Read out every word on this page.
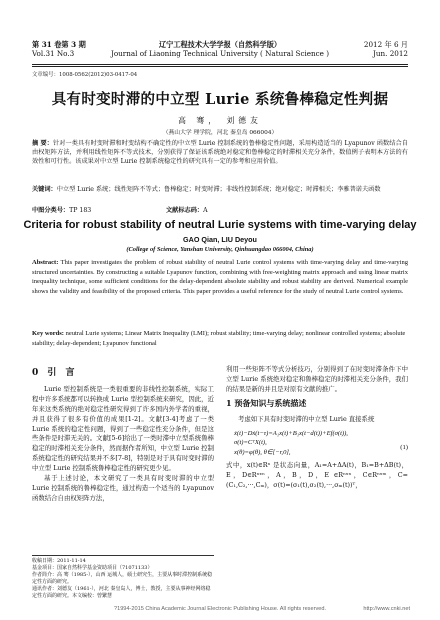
第 31 卷第 3 期
Vol.31 No.3
辽宁工程技术大学学报（自然科学版）
Journal of Liaoning Technical University ( Natural Science )
2012 年 6 月
Jun. 2012
文章编号：1008-0562(2012)03-0417-04
具有时变时滞的中立型 Lurie 系统鲁棒稳定性判据
高 骞， 刘德友
（燕山大学 理学院，河北 秦皇岛 066004）
摘 要：针对一类具有时变时滞和时变结构不确定性的中立型 Lurie 控制系统的鲁棒稳定性问题，采用构造适当的 Lyapunov 函数结合自由权矩阵方法，并利用线性矩阵不等式技术，分别获得了保证该系统绝对稳定和鲁棒稳定的时滞相关充分条件，数值例子表明本方法的有效性和可行性。该成果对中立型 Lurie 控制系统稳定性的研究具有一定的参考和应用价值。
关键词：中立型 Lurie 系统；线性矩阵不等式；鲁棒稳定；时变时滞；非线性控制系统；绝对稳定；时滞相关；李雅普诺夫函数
中图分类号：TP 183	文献标志码：A
Criteria for robust stability of neutral Lurie systems with time-varying delay
GAO Qian, LIU Deyou
(College of Science, Yanshan University, Qinhuangdao 066004, China)
Abstract: This paper investigates the problem of robust stability of neutral Lurie control systems with time-varying delay and time-varying structured uncertainties. By constructing a suitable Lyapunov function, combining with free-weighting matrix approach and using linear matrix inequality technique, some sufficient conditions for the delay-dependent absolute stability and robust stability are derived. Numerical example shows the validity and feasibility of the proposed criteria. This paper provides a useful reference for the study of neutral Lurie control systems.
Key words: neutral Lurie systems; Linear Matrix Inequality (LMI); robust stability; time-varying delay; nonlinear controlled systems; absolute stability; delay-dependent; Lyapunov functional
0 引 言

Lurie 型控制系统是一类很重要的非线性控制系统，实际工程中许多系统都可以转换成 Lurie 型控制系统来研究，因此，近年来这类系统的绝对稳定性研究得到了许多国内外学者的重视，并且获得了很多有价值的成果[1-2]。文献[3-4]考虑了一类 Lurie 系统的稳定性问题，得到了一些稳定性充分条件，但是这些条件是时滞无关的。文献[5-6]给出了一类时滞中立型系统鲁棒稳定的时滞相关充分条件，然而据作者所知，中立型 Lurie 控制系统稳定性的研究结果并不多[7-8]，特别是对于具有时变时滞的中立型 Lurie 控制系统鲁棒稳定性的研究更少见。

基于上述讨论，本文研究了一类具有时变时滞的中立型 Lurie 控制系统的鲁棒稳定性，通过构造一个适当的 Lyapunov 函数结合自由权矩阵方法，

利用一些矩阵不等式分析技巧，分别得到了在时变时滞条件下中立型 Lurie 系统绝对稳定和鲁棒稳定的时滞相关充分条件，我们的结果是新的并且是对原有文献的推广。

1 预备知识与系统描述

考虑如下具有时变时滞的中立型 Lurie 直接系统

ẋ(t)−Dẋ(t−τ)=A₁x(t)+B₁x(t−d(t))+Ef(σ(t)),
σ(t)=CᵀX(t),
x(θ)=φ(θ), θ∈[−r,0],
(1)

式中，x(t)∈Rⁿ 是状态向量，A₁=A+ΔA(t)，B₁=B+ΔB(t)，E，D∈Rⁿˣⁿ，A，B，D，E ∈Rⁿˣⁿ，C∈Rⁿˣᵐ，C=(C₁,C₂,···,Cₘ)，σ(t)=(σ₁(t),σ₂(t),···,σₘ(t))ᵀ，

收稿日期：2011-11-14
基金项目：国家自然科学基金资助项目（71071133）
作者简介：高 骞（1985-），山西 运城人，硕士研究生，主要从事时滞控制系统稳定性方面的研究。
通讯作者：刘德友（1961-），河北 秦皇岛人，博士，教授，主要从事神经网络稳定性方面的研究。本文编校：曾繁慧
?1994-2015 China Academic Journal Electronic Publishing House. All rights reserved.	http://www.cnki.net
